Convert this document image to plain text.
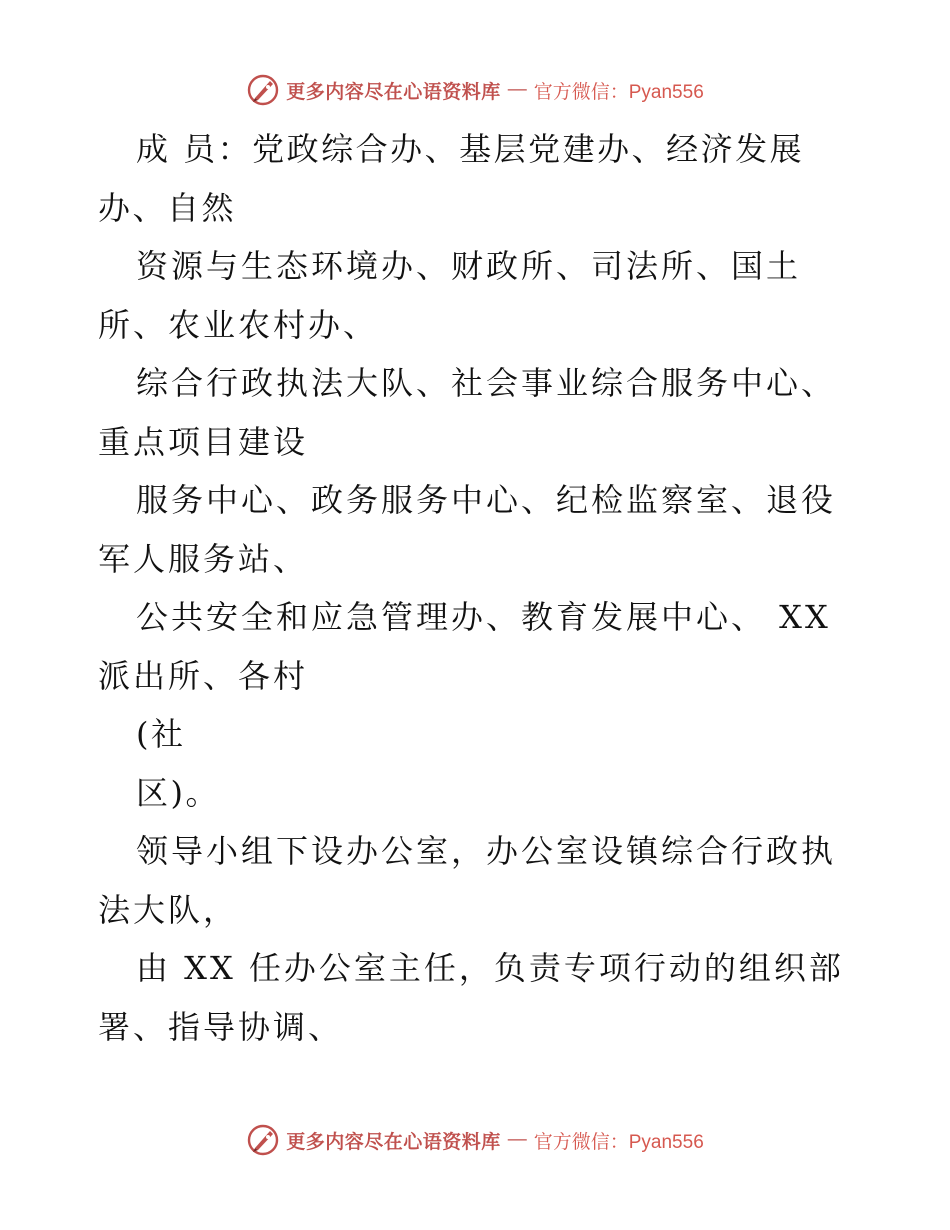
更多内容尽在心语资料库 — 官方微信：Pyan556

成 员：党政综合办、基层党建办、经济发展办、自然

资源与生态环境办、财政所、司法所、国土所、农业农村办、

综合行政执法大队、社会事业综合服务中心、重点项目建设

服务中心、政务服务中心、纪检监察室、退役军人服务站、

公共安全和应急管理办、教育发展中心、 XX 派出所、各村

(社

区)。

领导小组下设办公室，办公室设镇综合行政执法大队，

由 XX 任办公室主任，负责专项行动的组织部署、指导协调、

更多内容尽在心语资料库 — 官方微信：Pyan556
